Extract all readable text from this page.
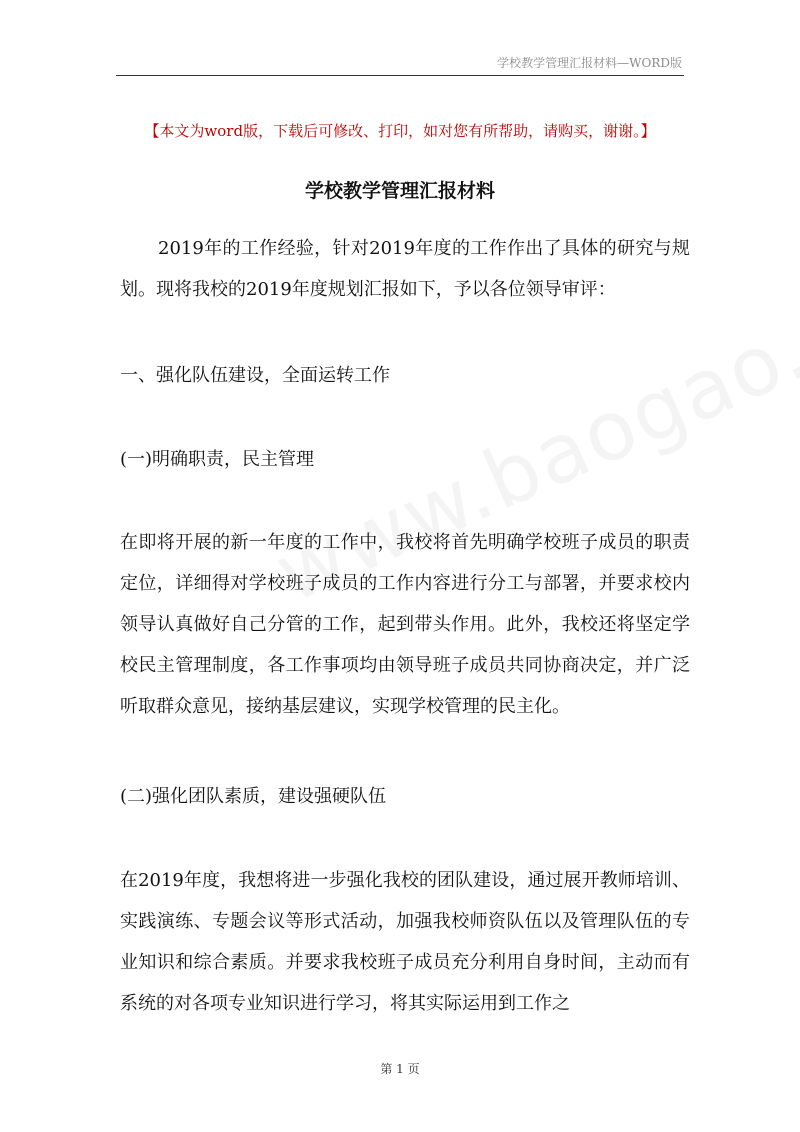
学校教学管理汇报材料—WORD版
【本文为word版，下载后可修改、打印，如对您有所帮助，请购买，谢谢。】
学校教学管理汇报材料
2019年的工作经验，针对2019年度的工作作出了具体的研究与规划。现将我校的2019年度规划汇报如下，予以各位领导审评：
一、强化队伍建设，全面运转工作
(一)明确职责，民主管理
在即将开展的新一年度的工作中，我校将首先明确学校班子成员的职责定位，详细得对学校班子成员的工作内容进行分工与部署，并要求校内领导认真做好自己分管的工作，起到带头作用。此外，我校还将坚定学校民主管理制度，各工作事项均由领导班子成员共同协商决定，并广泛听取群众意见，接纳基层建议，实现学校管理的民主化。
(二)强化团队素质，建设强硬队伍
在2019年度，我想将进一步强化我校的团队建设，通过展开教师培训、实践演练、专题会议等形式活动，加强我校师资队伍以及管理队伍的专业知识和综合素质。并要求我校班子成员充分利用自身时间，主动而有系统的对各项专业知识进行学习，将其实际运用到工作之
第 1 页
